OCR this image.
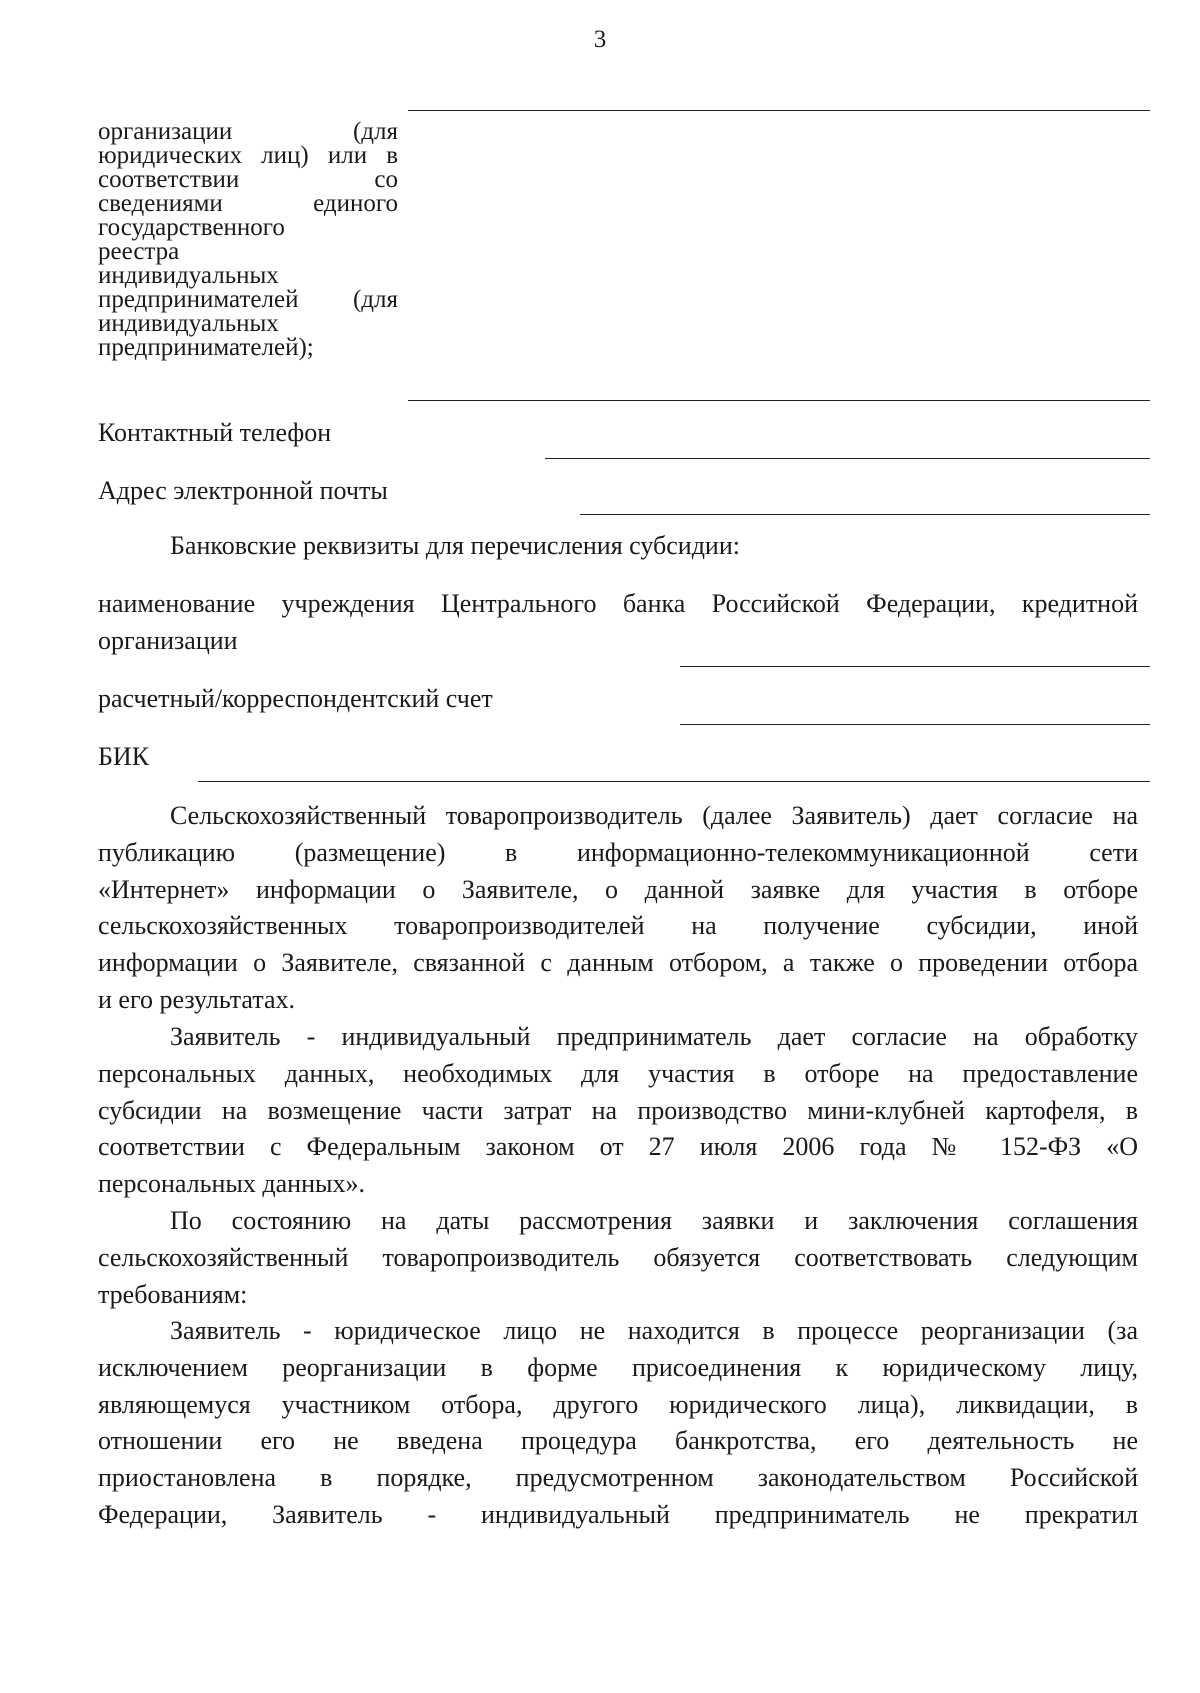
3
организации (для
юридических лиц) или в
соответствии со
сведениями единого
государственного
реестра
индивидуальных
предпринимателей (для
индивидуальных
предпринимателей);
Контактный телефон
Адрес электронной почты
Банковские реквизиты для перечисления субсидии:
наименование учреждения Центрального банка Российской Федерации, кредитной
организации
расчетный/корреспондентский счет
БИК
Сельскохозяйственный товаропроизводитель (далее Заявитель) дает согласие на
публикацию (размещение) в информационно-телекоммуникационной сети
«Интернет» информации о Заявителе, о данной заявке для участия в отборе
сельскохозяйственных товаропроизводителей на получение субсидии, иной
информации о Заявителе, связанной с данным отбором, а также о проведении отбора
и его результатах.
Заявитель - индивидуальный предприниматель дает согласие на обработку
персональных данных, необходимых для участия в отборе на предоставление
субсидии на возмещение части затрат на производство мини-клубней картофеля, в
соответствии с Федеральным законом от 27 июля 2006 года № 152-ФЗ «О
персональных данных».
По состоянию на даты рассмотрения заявки и заключения соглашения
сельскохозяйственный товаропроизводитель обязуется соответствовать следующим
требованиям:
Заявитель - юридическое лицо не находится в процессе реорганизации (за
исключением реорганизации в форме присоединения к юридическому лицу,
являющемуся участником отбора, другого юридического лица), ликвидации, в
отношении его не введена процедура банкротства, его деятельность не
приостановлена в порядке, предусмотренном законодательством Российской
Федерации, Заявитель - индивидуальный предприниматель не прекратил
